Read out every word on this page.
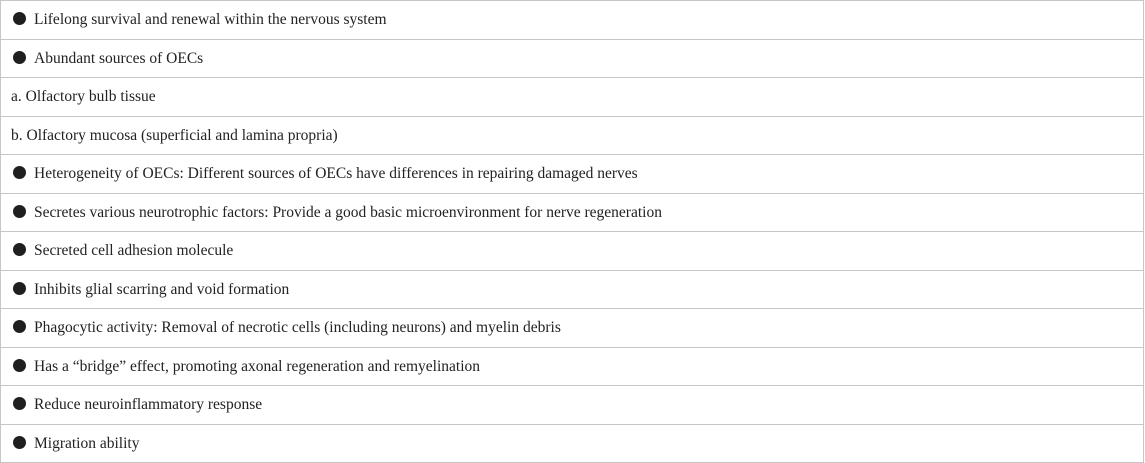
Lifelong survival and renewal within the nervous system
Abundant sources of OECs
a. Olfactory bulb tissue
b. Olfactory mucosa (superficial and lamina propria)
Heterogeneity of OECs: Different sources of OECs have differences in repairing damaged nerves
Secretes various neurotrophic factors: Provide a good basic microenvironment for nerve regeneration
Secreted cell adhesion molecule
Inhibits glial scarring and void formation
Phagocytic activity: Removal of necrotic cells (including neurons) and myelin debris
Has a “bridge” effect, promoting axonal regeneration and remyelination
Reduce neuroinflammatory response
Migration ability
